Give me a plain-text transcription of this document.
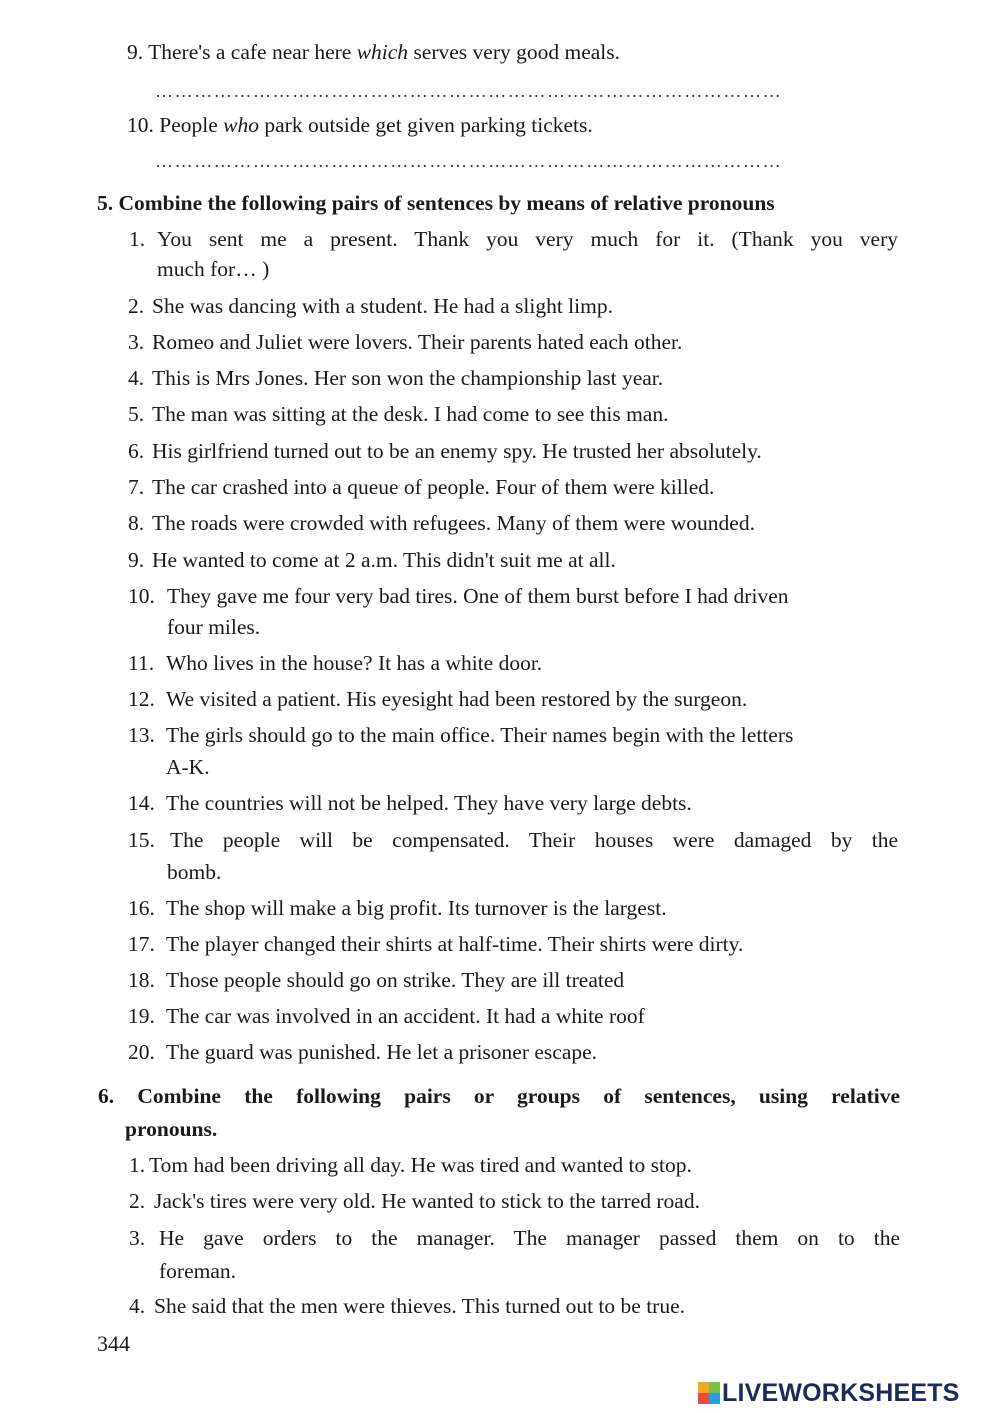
9. There's a cafe near here which serves very good meals.
……………………………………………………………………………………
10. People who park outside get given parking tickets.
……………………………………………………………………………………
5. Combine the following pairs of sentences by means of relative pronouns
1. You sent me a present. Thank you very much for it. (Thank you very
much for… )
2. She was dancing with a student. He had a slight limp.
3. Romeo and Juliet were lovers. Their parents hated each other.
4. This is Mrs Jones. Her son won the championship last year.
5. The man was sitting at the desk. I had come to see this man.
6. His girlfriend turned out to be an enemy spy. He trusted her absolutely.
7. The car crashed into a queue of people. Four of them were killed.
8. The roads were crowded with refugees. Many of them were wounded.
9. He wanted to come at 2 a.m. This didn't suit me at all.
10. They gave me four very bad tires. One of them burst before I had driven
four miles.
11. Who lives in the house? It has a white door.
12. We visited a patient. His eyesight had been restored by the surgeon.
13. The girls should go to the main office. Their names begin with the letters
A-K.
14. The countries will not be helped. They have very large debts.
15. The people will be compensated. Their houses were damaged by the
bomb.
16. The shop will make a big profit. Its turnover is the largest.
17. The player changed their shirts at half-time. Their shirts were dirty.
18. Those people should go on strike. They are ill treated
19. The car was involved in an accident. It had a white roof
20. The guard was punished. He let a prisoner escape.
6. Combine the following pairs or groups of sentences, using relative
pronouns.
1. Tom had been driving all day. He was tired and wanted to stop.
2. Jack's tires were very old. He wanted to stick to the tarred road.
3. He gave orders to the manager. The manager passed them on to the
foreman.
4. She said that the men were thieves. This turned out to be true.
344
LIVEWORKSHEETS
